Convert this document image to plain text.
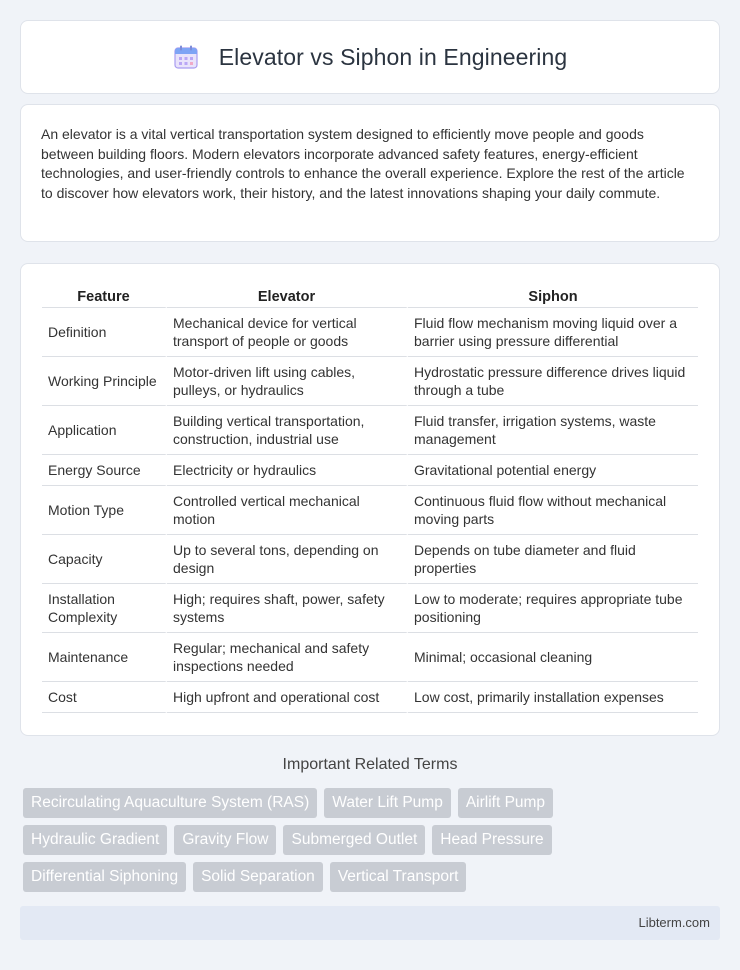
Elevator vs Siphon in Engineering

An elevator is a vital vertical transportation system designed to efficiently move people and goods between building floors. Modern elevators incorporate advanced safety features, energy-efficient technologies, and user-friendly controls to enhance the overall experience. Explore the rest of the article to discover how elevators work, their history, and the latest innovations shaping your daily commute.

Feature	Elevator	Siphon
Definition	Mechanical device for vertical transport of people or goods	Fluid flow mechanism moving liquid over a barrier using pressure differential
Working Principle	Motor-driven lift using cables, pulleys, or hydraulics	Hydrostatic pressure difference drives liquid through a tube
Application	Building vertical transportation, construction, industrial use	Fluid transfer, irrigation systems, waste management
Energy Source	Electricity or hydraulics	Gravitational potential energy
Motion Type	Controlled vertical mechanical motion	Continuous fluid flow without mechanical moving parts
Capacity	Up to several tons, depending on design	Depends on tube diameter and fluid properties
Installation Complexity	High; requires shaft, power, safety systems	Low to moderate; requires appropriate tube positioning
Maintenance	Regular; mechanical and safety inspections needed	Minimal; occasional cleaning
Cost	High upfront and operational cost	Low cost, primarily installation expenses
Important Related Terms
Recirculating Aquaculture System (RAS)	Water Lift Pump	Airlift Pump
Hydraulic Gradient	Gravity Flow	Submerged Outlet	Head Pressure
Differential Siphoning	Solid Separation	Vertical Transport
Libterm.com
